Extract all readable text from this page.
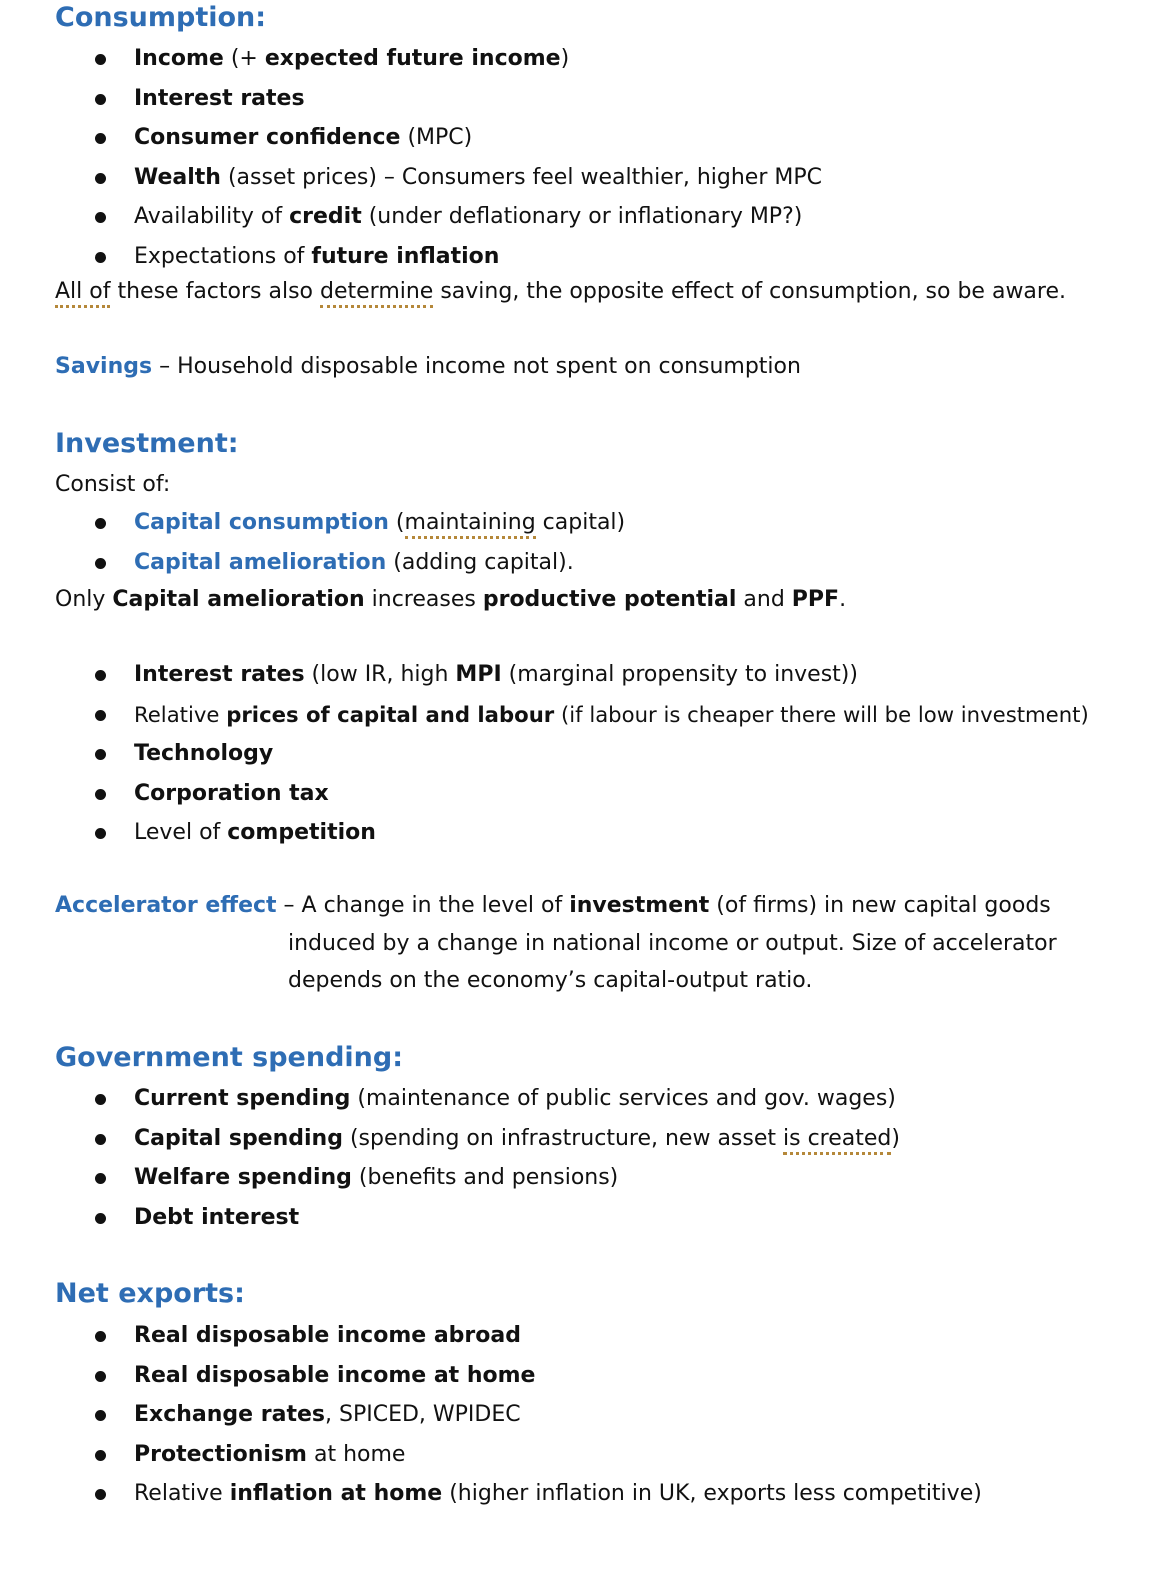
Consumption:
Income (+ expected future income)
Interest rates
Consumer confidence (MPC)
Wealth (asset prices) – Consumers feel wealthier, higher MPC
Availability of credit (under deflationary or inflationary MP?)
Expectations of future inflation

All of these factors also determine saving, the opposite effect of consumption, so be aware.

Savings – Household disposable income not spent on consumption

Investment:

Consist of:

Capital consumption (maintaining capital)
Capital amelioration (adding capital).

Only Capital amelioration increases productive potential and PPF.

Interest rates (low IR, high MPI (marginal propensity to invest))
Relative prices of capital and labour (if labour is cheaper there will be low investment)
Technology
Corporation tax
Level of competition

Accelerator effect – A change in the level of investment (of firms) in new capital goods

induced by a change in national income or output. Size of accelerator

depends on the economy’s capital-output ratio.

Government spending:
Current spending (maintenance of public services and gov. wages)
Capital spending (spending on infrastructure, new asset is created)
Welfare spending (benefits and pensions)
Debt interest
Net exports:
Real disposable income abroad
Real disposable income at home
Exchange rates, SPICED, WPIDEC
Protectionism at home
Relative inflation at home (higher inflation in UK, exports less competitive)
